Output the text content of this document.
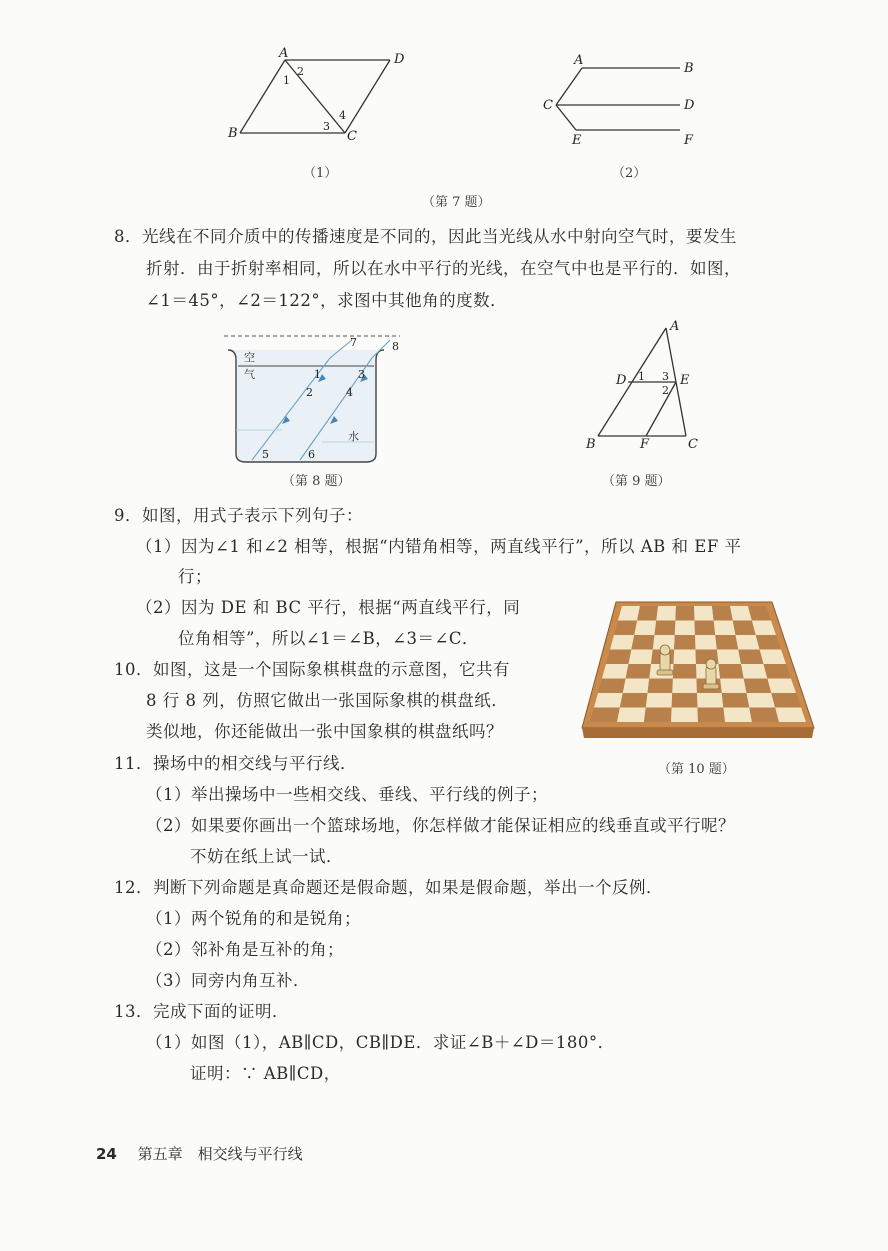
A
B	C
D
1
2
3
4
（1）
A
B
C	D
E	F
（2）
（第 7 题）
8．光线在不同介质中的传播速度是不同的，因此当光线从水中射向空气时，要发生
折射．由于折射率相同，所以在水中平行的光线，在空气中也是平行的．如图，
∠1＝45°，∠2＝122°，求图中其他角的度数．
空
气
水
7	8
1	3
2	4
5	6
（第 8 题）
A
B	C
D	E
F
1 3
2
（第 9 题）
9．如图，用式子表示下列句子：
（1）因为∠1 和∠2 相等，根据“内错角相等，两直线平行”，所以 AB 和 EF 平
行；
（2）因为 DE 和 BC 平行，根据“两直线平行，同
位角相等”，所以∠1＝∠B，∠3＝∠C．
（第 10 题）
10．如图，这是一个国际象棋棋盘的示意图，它共有
8 行 8 列，仿照它做出一张国际象棋的棋盘纸．
类似地，你还能做出一张中国象棋的棋盘纸吗？
11．操场中的相交线与平行线．
（1）举出操场中一些相交线、垂线、平行线的例子；
（2）如果要你画出一个篮球场地，你怎样做才能保证相应的线垂直或平行呢？
不妨在纸上试一试．
12．判断下列命题是真命题还是假命题，如果是假命题，举出一个反例．
（1）两个锐角的和是锐角；
（2）邻补角是互补的角；
（3）同旁内角互补．
13．完成下面的证明．
（1）如图（1），AB∥CD，CB∥DE．求证∠B＋∠D＝180°．
证明：∵ AB∥CD，
24 第五章　相交线与平行线
